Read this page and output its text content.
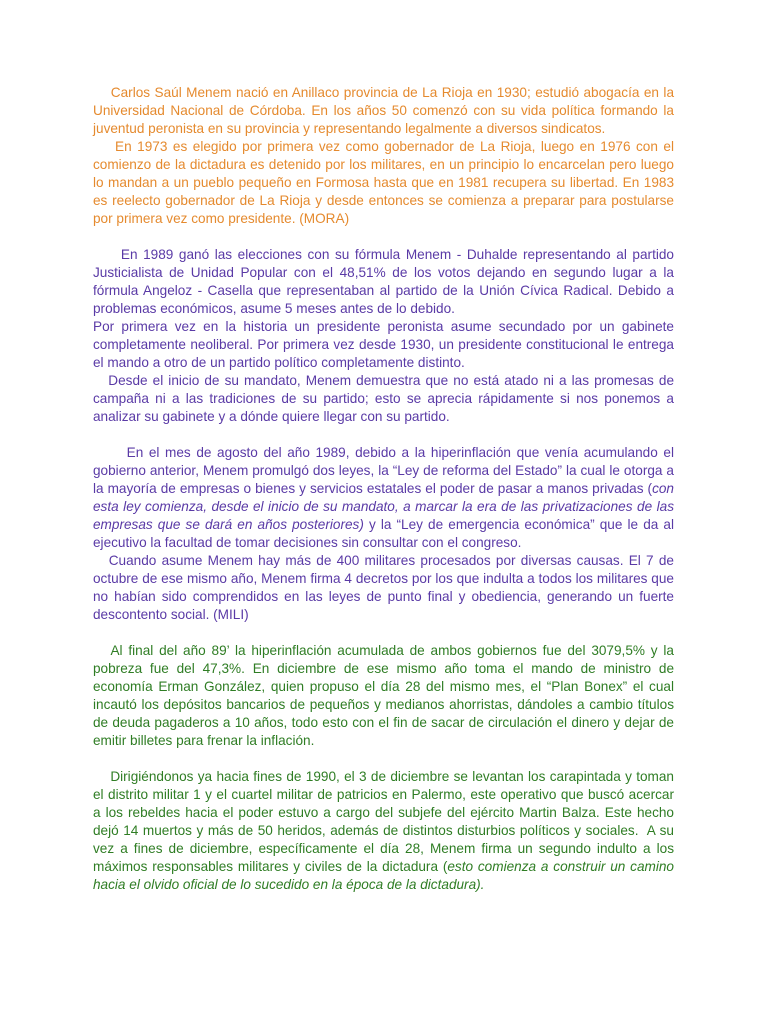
Carlos Saúl Menem nació en Anillaco provincia de La Rioja en 1930; estudió abogacía en la Universidad Nacional de Córdoba. En los años 50 comenzó con su vida política formando la juventud peronista en su provincia y representando legalmente a diversos sindicatos.

En 1973 es elegido por primera vez como gobernador de La Rioja, luego en 1976 con el comienzo de la dictadura es detenido por los militares, en un principio lo encarcelan pero luego lo mandan a un pueblo pequeño en Formosa hasta que en 1981 recupera su libertad. En 1983 es reelecto gobernador de La Rioja y desde entonces se comienza a preparar para postularse por primera vez como presidente. (MORA)

En 1989 ganó las elecciones con su fórmula Menem - Duhalde representando al partido Justicialista de Unidad Popular con el 48,51% de los votos dejando en segundo lugar a la fórmula Angeloz - Casella que representaban al partido de la Unión Cívica Radical. Debido a problemas económicos, asume 5 meses antes de lo debido.

Por primera vez en la historia un presidente peronista asume secundado por un gabinete completamente neoliberal. Por primera vez desde 1930, un presidente constitucional le entrega el mando a otro de un partido político completamente distinto.

Desde el inicio de su mandato, Menem demuestra que no está atado ni a las promesas de campaña ni a las tradiciones de su partido; esto se aprecia rápidamente si nos ponemos a analizar su gabinete y a dónde quiere llegar con su partido.

En el mes de agosto del año 1989, debido a la hiperinflación que venía acumulando el gobierno anterior, Menem promulgó dos leyes, la “Ley de reforma del Estado” la cual le otorga a la mayoría de empresas o bienes y servicios estatales el poder de pasar a manos privadas (con esta ley comienza, desde el inicio de su mandato, a marcar la era de las privatizaciones de las empresas que se dará en años posteriores) y la “Ley de emergencia económica” que le da al ejecutivo la facultad de tomar decisiones sin consultar con el congreso.

Cuando asume Menem hay más de 400 militares procesados por diversas causas. El 7 de octubre de ese mismo año, Menem firma 4 decretos por los que indulta a todos los militares que no habían sido comprendidos en las leyes de punto final y obediencia, generando un fuerte descontento social. (MILI)

Al final del año 89’ la hiperinflación acumulada de ambos gobiernos fue del 3079,5% y la pobreza fue del 47,3%. En diciembre de ese mismo año toma el mando de ministro de economía Erman González, quien propuso el día 28 del mismo mes, el “Plan Bonex” el cual incautó los depósitos bancarios de pequeños y medianos ahorristas, dándoles a cambio títulos de deuda pagaderos a 10 años, todo esto con el fin de sacar de circulación el dinero y dejar de emitir billetes para frenar la inflación.

Dirigiéndonos ya hacia fines de 1990, el 3 de diciembre se levantan los carapintada y toman el distrito militar 1 y el cuartel militar de patricios en Palermo, este operativo que buscó acercar a los rebeldes hacia el poder estuvo a cargo del subjefe del ejército Martin Balza. Este hecho dejó 14 muertos y más de 50 heridos, además de distintos disturbios políticos y sociales.  A su vez a fines de diciembre, específicamente el día 28, Menem firma un segundo indulto a los máximos responsables militares y civiles de la dictadura (esto comienza a construir un camino hacia el olvido oficial de lo sucedido en la época de la dictadura).
